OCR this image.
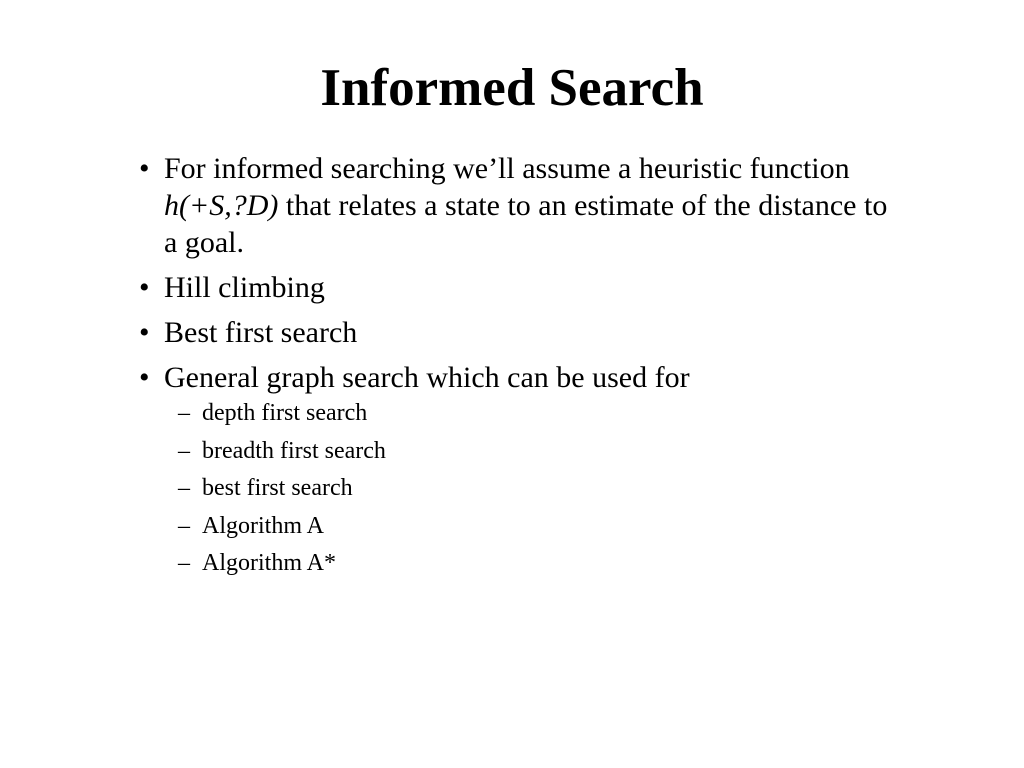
Informed Search
• For informed searching we’ll assume a heuristic function h(+S,?D) that relates a state to an estimate of the distance to a goal.
• Hill climbing
• Best first search
• General graph search which can be used for
– depth first search
– breadth first search
– best first search
– Algorithm A
– Algorithm A*
